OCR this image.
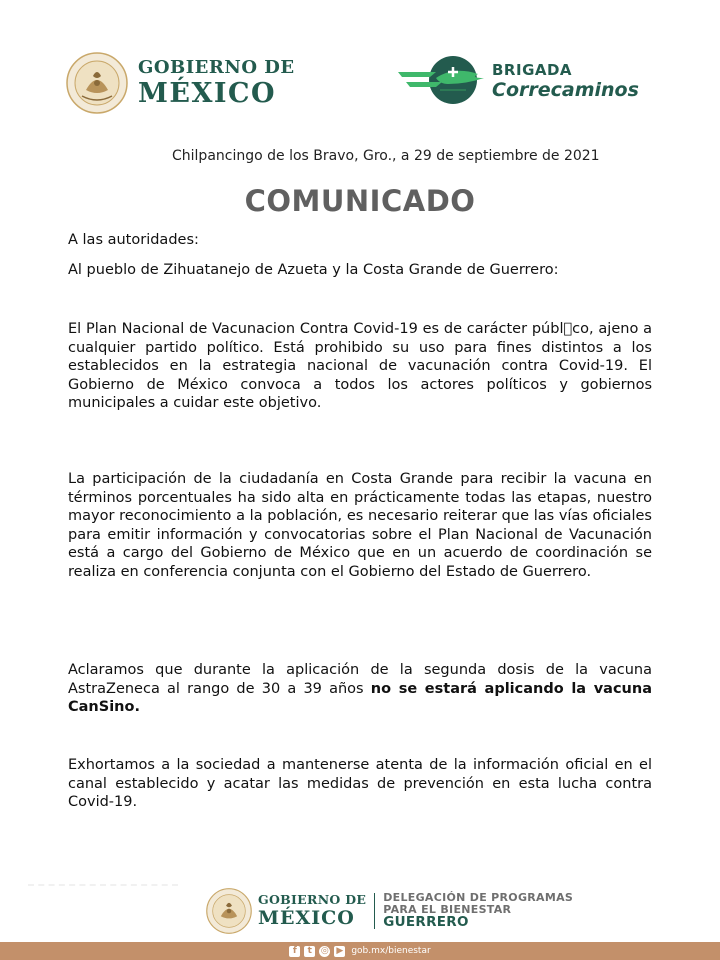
GOBIERNO DE
MÉXICO
BRIGADA
Correcaminos
Chilpancingo de los Bravo, Gro., a 29 de septiembre de 2021
COMUNICADO

A las autoridades:

Al pueblo de Zihuatanejo de Azueta y la Costa Grande de Guerrero:

El Plan Nacional de Vacunacion Contra Covid-19 es de carácter públ co, ajeno a cualquier partido político. Está prohibido su uso para fines distintos a los establecidos en la estrategia nacional de vacunación contra Covid-19. El Gobierno de México convoca a todos los actores políticos y gobiernos municipales a cuidar este objetivo.

La participación de la ciudadanía en Costa Grande para recibir la vacuna en términos porcentuales ha sido alta en prácticamente todas las etapas, nuestro mayor reconocimiento a la población, es necesario reiterar que las vías oficiales para emitir información y convocatorias sobre el Plan Nacional de Vacunación está a cargo del Gobierno de México que en un acuerdo de coordinación se realiza en conferencia conjunta con el Gobierno del Estado de Guerrero.

Aclaramos que durante la aplicación de la segunda dosis de la vacuna AstraZeneca al rango de 30 a 39 años no se estará aplicando la vacuna CanSino.

Exhortamos a la sociedad a mantenerse atenta de la información oficial en el canal establecido y acatar las medidas de prevención en esta lucha contra Covid-19.

GOBIERNO DE
MÉXICO
DELEGACIÓN DE PROGRAMAS
PARA EL BIENESTAR
GUERRERO
f	t ◎ ▶ gob.mx/bienestar
